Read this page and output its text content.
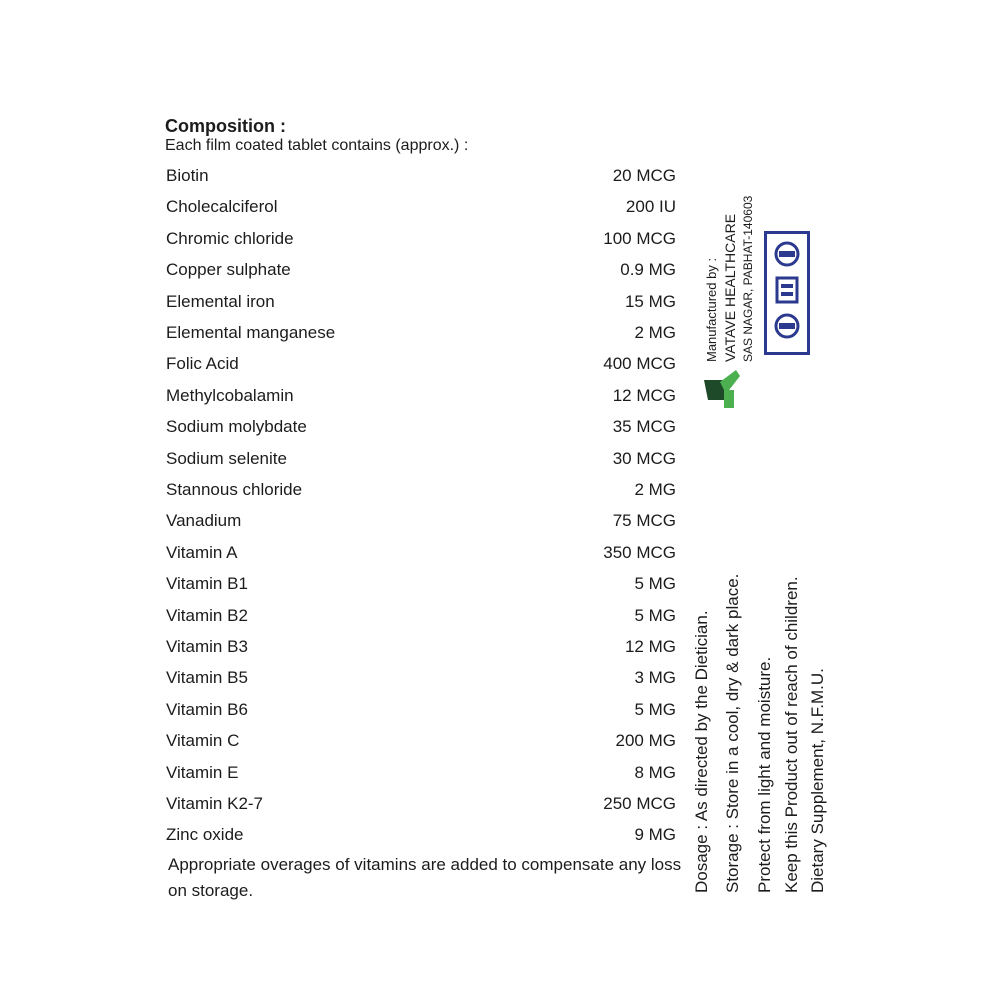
Composition :
Each film coated tablet contains (approx.) :
Biotin	20 MCG
Cholecalciferol	200 IU
Chromic chloride	100 MCG
Copper sulphate	0.9 MG
Elemental iron	15 MG
Elemental manganese	2 MG
Folic Acid	400 MCG
Methylcobalamin	12 MCG
Sodium molybdate	35 MCG
Sodium selenite	30 MCG
Stannous chloride	2 MG
Vanadium	75 MCG
Vitamin A	350 MCG
Vitamin B1	5 MG
Vitamin B2	5 MG
Vitamin B3	12 MG
Vitamin B5	3 MG
Vitamin B6	5 MG
Vitamin C	200 MG
Vitamin E	8 MG
Vitamin K2-7	250 MCG
Zinc oxide	9 MG
Appropriate overages of vitamins are added to compensate any loss on storage.
Manufactured by : VATAVE HEALTHCARE SAS NAGAR, PABHAT-140603
Dosage : As directed by the Dietician. Storage : Store in a cool, dry & dark place. Protect from light and moisture. Keep this Product out of reach of children. Dietary Supplement, N.F.M.U.
